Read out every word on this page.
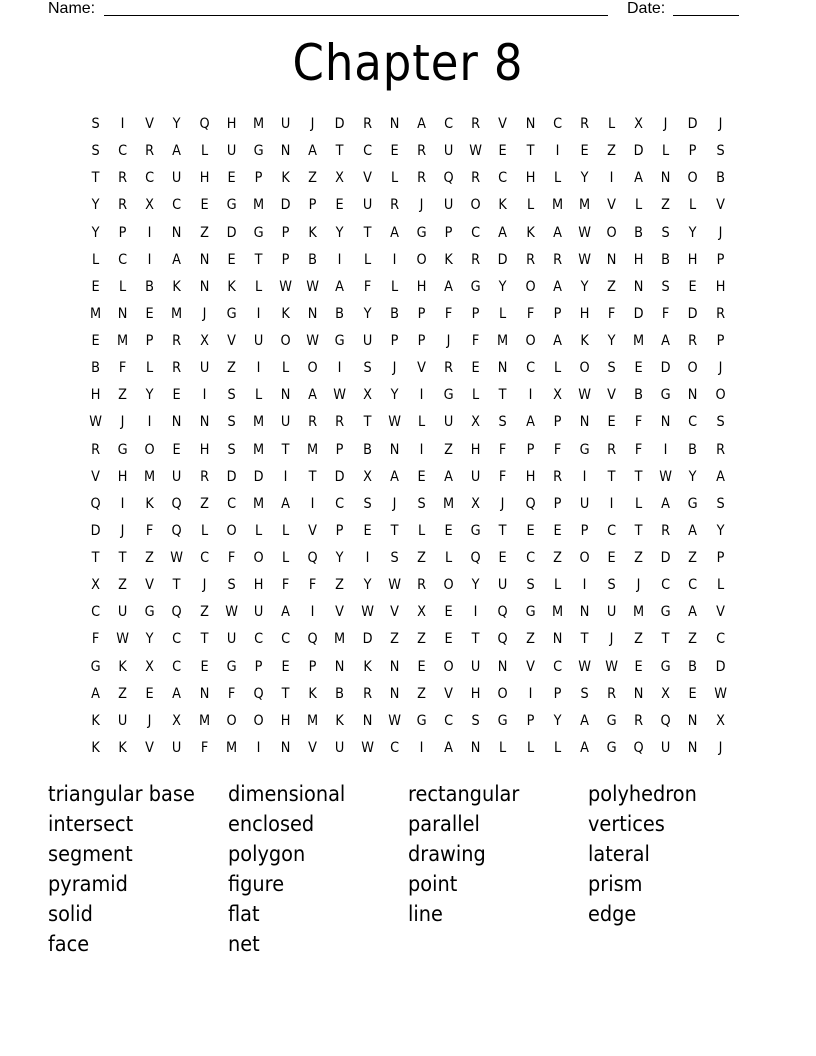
Name:	Date:
Chapter 8
S	I	V	Y	Q	H	M	U	J	D	R	N	A	C	R	V	N	C	R	L	X	J	D	J
S	C	R	A	L	U	G	N	A	T	C	E	R	U	W	E	T	I	E	Z	D	L	P	S
T	R	C	U	H	E	P	K	Z	X	V	L	R	Q	R	C	H	L	Y	I	A	N	O	B
Y	R	X	C	E	G	M	D	P	E	U	R	J	U	O	K	L	M	M	V	L	Z	L	V
Y	P	I	N	Z	D	G	P	K	Y	T	A	G	P	C	A	K	A	W	O	B	S	Y	J
L	C	I	A	N	E	T	P	B	I	L	I	O	K	R	D	R	R	W	N	H	B	H	P
E	L	B	K	N	K	L	W	W	A	F	L	H	A	G	Y	O	A	Y	Z	N	S	E	H
M	N	E	M	J	G	I	K	N	B	Y	B	P	F	P	L	F	P	H	F	D	F	D	R
E	M	P	R	X	V	U	O	W	G	U	P	P	J	F	M	O	A	K	Y	M	A	R	P
B	F	L	R	U	Z	I	L	O	I	S	J	V	R	E	N	C	L	O	S	E	D	O	J
H	Z	Y	E	I	S	L	N	A	W	X	Y	I	G	L	T	I	X	W	V	B	G	N	O
W	J	I	N	N	S	M	U	R	R	T	W	L	U	X	S	A	P	N	E	F	N	C	S
R	G	O	E	H	S	M	T	M	P	B	N	I	Z	H	F	P	F	G	R	F	I	B	R
V	H	M	U	R	D	D	I	T	D	X	A	E	A	U	F	H	R	I	T	T	W	Y	A
Q	I	K	Q	Z	C	M	A	I	C	S	J	S	M	X	J	Q	P	U	I	L	A	G	S
D	J	F	Q	L	O	L	L	V	P	E	T	L	E	G	T	E	E	P	C	T	R	A	Y
T	T	Z	W	C	F	O	L	Q	Y	I	S	Z	L	Q	E	C	Z	O	E	Z	D	Z	P
X	Z	V	T	J	S	H	F	F	Z	Y	W	R	O	Y	U	S	L	I	S	J	C	C	L
C	U	G	Q	Z	W	U	A	I	V	W	V	X	E	I	Q	G	M	N	U	M	G	A	V
F	W	Y	C	T	U	C	C	Q	M	D	Z	Z	E	T	Q	Z	N	T	J	Z	T	Z	C
G	K	X	C	E	G	P	E	P	N	K	N	E	O	U	N	V	C	W	W	E	G	B	D
A	Z	E	A	N	F	Q	T	K	B	R	N	Z	V	H	O	I	P	S	R	N	X	E	W
K	U	J	X	M	O	O	H	M	K	N	W	G	C	S	G	P	Y	A	G	R	Q	N	X
K	K	V	U	F	M	I	N	V	U	W	C	I	A	N	L	L	L	A	G	Q	U	N	J
triangular base	dimensional	rectangular	polyhedron
intersect	enclosed	parallel	vertices
segment	polygon	drawing	lateral
pyramid	figure	point	prism
solid	flat	line	edge
face	net
